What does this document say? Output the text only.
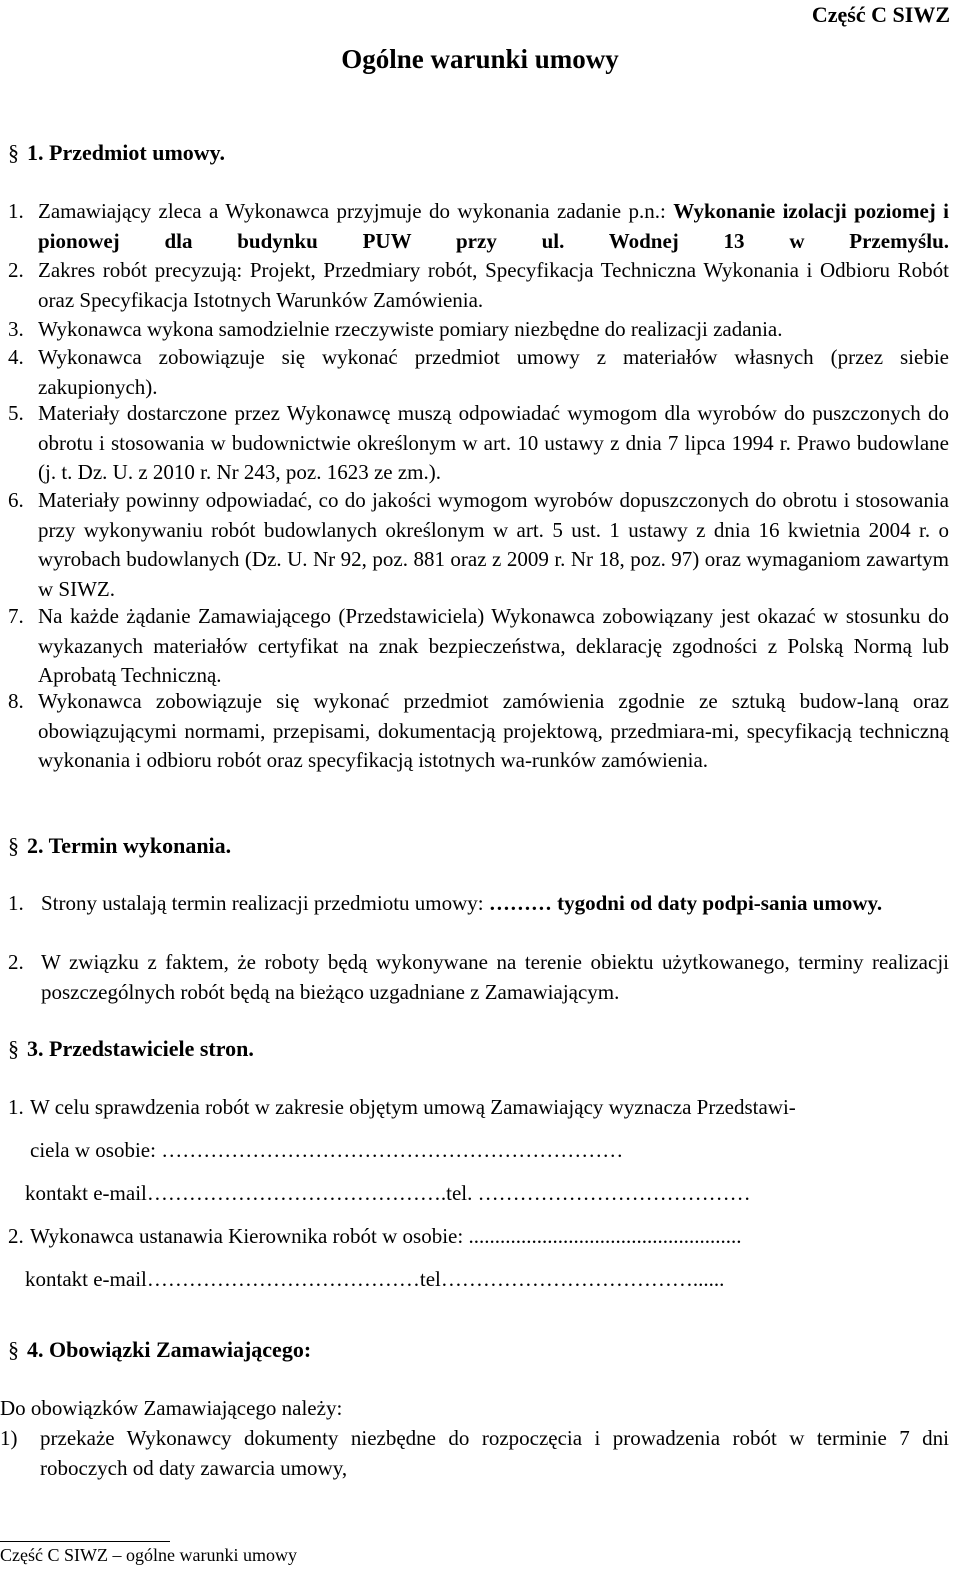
Część C SIWZ
Ogólne warunki umowy
§ 1. Przedmiot umowy.
1. Zamawiający zleca a Wykonawca przyjmuje do wykonania zadanie p.n.: Wykonanie izolacji poziomej i pionowej dla budynku PUW przy ul. Wodnej 13 w Przemyślu.
2. Zakres robót precyzują: Projekt, Przedmiary robót, Specyfikacja Techniczna Wykonania i Odbioru Robót oraz Specyfikacja Istotnych Warunków Zamówienia.
3. Wykonawca wykona samodzielnie rzeczywiste pomiary niezbędne do realizacji zadania.
4. Wykonawca zobowiązuje się wykonać przedmiot umowy z materiałów własnych (przez siebie zakupionych).
5. Materiały dostarczone przez Wykonawcę muszą odpowiadać wymogom dla wyrobów do puszczonych do obrotu i stosowania w budownictwie określonym w art. 10 ustawy z dnia 7 lipca 1994 r. Prawo budowlane (j. t. Dz. U. z 2010 r. Nr 243, poz. 1623 ze zm.).
6. Materiały powinny odpowiadać, co do jakości wymogom wyrobów dopuszczonych do obrotu i stosowania przy wykonywaniu robót budowlanych określonym w art. 5 ust. 1 ustawy z dnia 16 kwietnia 2004 r. o wyrobach budowlanych (Dz. U. Nr 92, poz. 881 oraz z 2009 r. Nr 18, poz. 97) oraz wymaganiom zawartym w SIWZ.
7. Na każde żądanie Zamawiającego (Przedstawiciela) Wykonawca zobowiązany jest okazać w stosunku do wykazanych materiałów certyfikat na znak bezpieczeństwa, deklarację zgodności z Polską Normą lub Aprobatą Techniczną.
8. Wykonawca zobowiązuje się wykonać przedmiot zamówienia zgodnie ze sztuką budow-laną oraz obowiązującymi normami, przepisami, dokumentacją projektową, przedmiara-mi, specyfikacją techniczną wykonania i odbioru robót oraz specyfikacją istotnych wa-runków zamówienia.
§ 2. Termin wykonania.
1. Strony ustalają termin realizacji przedmiotu umowy: ……… tygodni od daty podpi-sania umowy.
2. W związku z faktem, że roboty będą wykonywane na terenie obiektu użytkowanego, terminy realizacji poszczególnych robót będą na bieżąco uzgadniane z Zamawiającym.
§ 3. Przedstawiciele stron.
1. W celu sprawdzenia robót w zakresie objętym umową Zamawiający wyznacza Przedstawi-
ciela w osobie: …………………………………………………………
kontakt e-mail…………………………………….tel. …………………………………
2. Wykonawca ustanawia Kierownika robót w osobie: ....................................................
kontakt e-mail…………………………………tel………………………………......
§ 4. Obowiązki Zamawiającego:
Do obowiązków Zamawiającego należy:
1) przekaże Wykonawcy dokumenty niezbędne do rozpoczęcia i prowadzenia robót w terminie 7 dni roboczych od daty zawarcia umowy,
Część C SIWZ – ogólne warunki umowy
